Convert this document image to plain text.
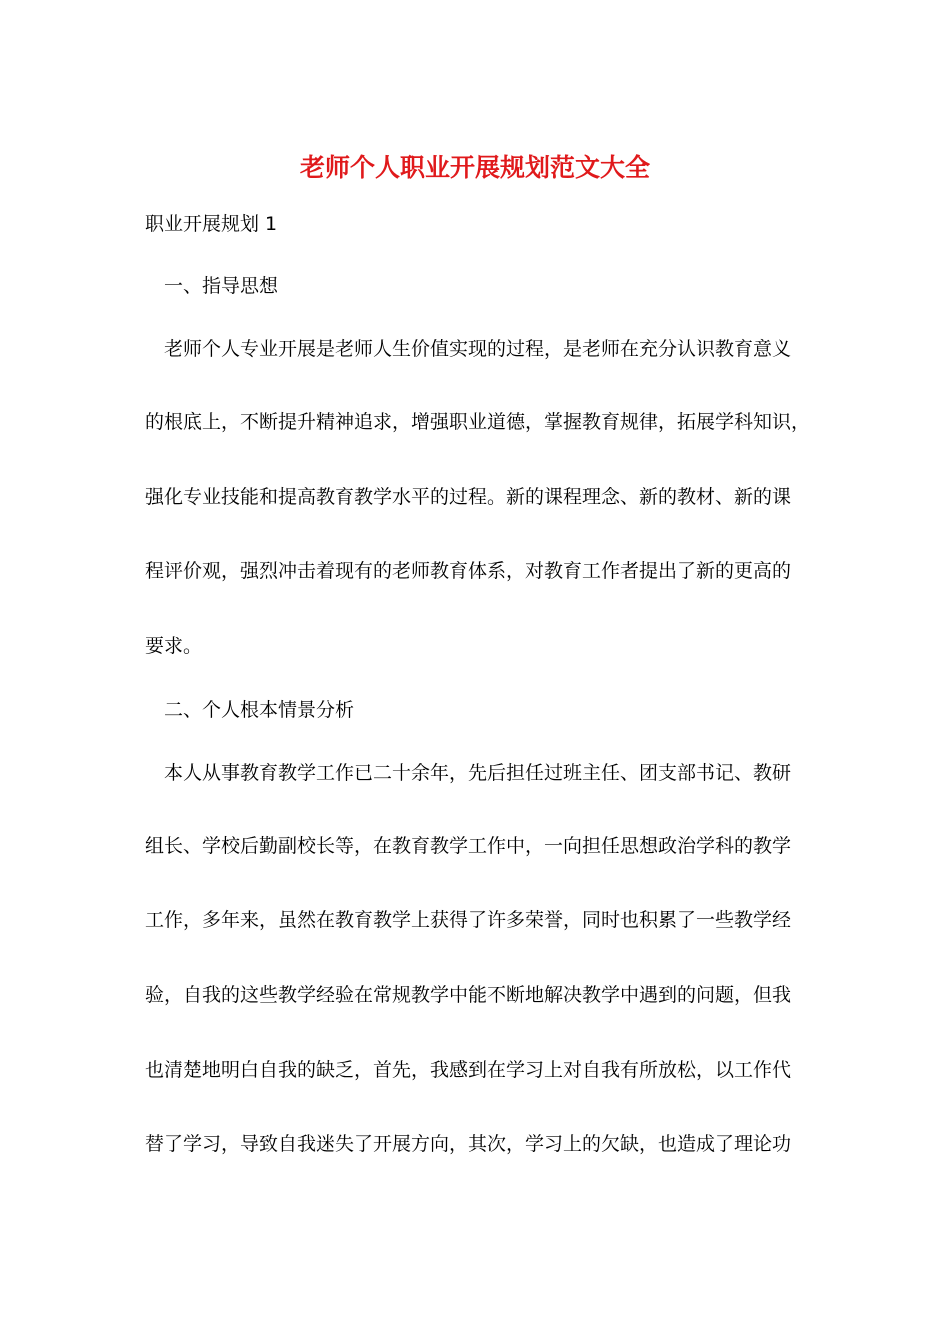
老师个人职业开展规划范文大全

职业开展规划 1

一、指导思想

老师个人专业开展是老师人生价值实现的过程，是老师在充分认识教育意义

的根底上，不断提升精神追求，增强职业道德，掌握教育规律，拓展学科知识，

强化专业技能和提高教育教学水平的过程。新的课程理念、新的教材、新的课

程评价观，强烈冲击着现有的老师教育体系，对教育工作者提出了新的更高的

要求。

二、个人根本情景分析

本人从事教育教学工作已二十余年，先后担任过班主任、团支部书记、教研

组长、学校后勤副校长等，在教育教学工作中，一向担任思想政治学科的教学

工作，多年来，虽然在教育教学上获得了许多荣誉，同时也积累了一些教学经

验，自我的这些教学经验在常规教学中能不断地解决教学中遇到的问题，但我

也清楚地明白自我的缺乏，首先，我感到在学习上对自我有所放松，以工作代

替了学习，导致自我迷失了开展方向，其次，学习上的欠缺，也造成了理论功
